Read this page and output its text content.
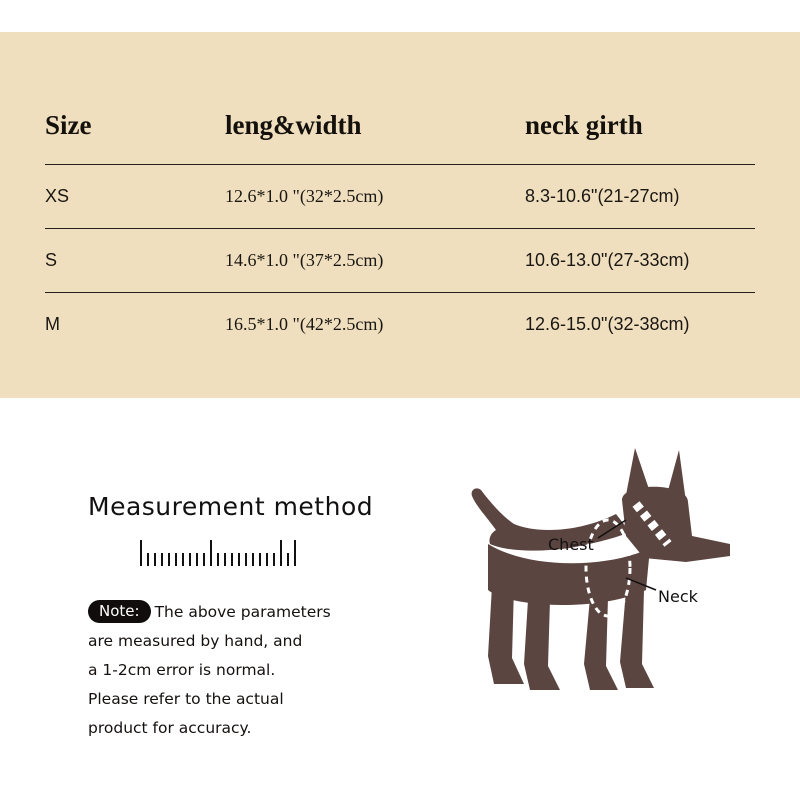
Size	leng&width	neck girth
XS	12.6*1.0 "(32*2.5cm)	8.3-10.6"(21-27cm)
S	14.6*1.0 "(37*2.5cm)	10.6-13.0"(27-33cm)
M	16.5*1.0 "(42*2.5cm)	12.6-15.0"(32-38cm)
Measurement method
Note: The above parameters
are measured by hand, and
a 1-2cm error is normal.
Please refer to the actual
product for accuracy.
Chest
Neck
